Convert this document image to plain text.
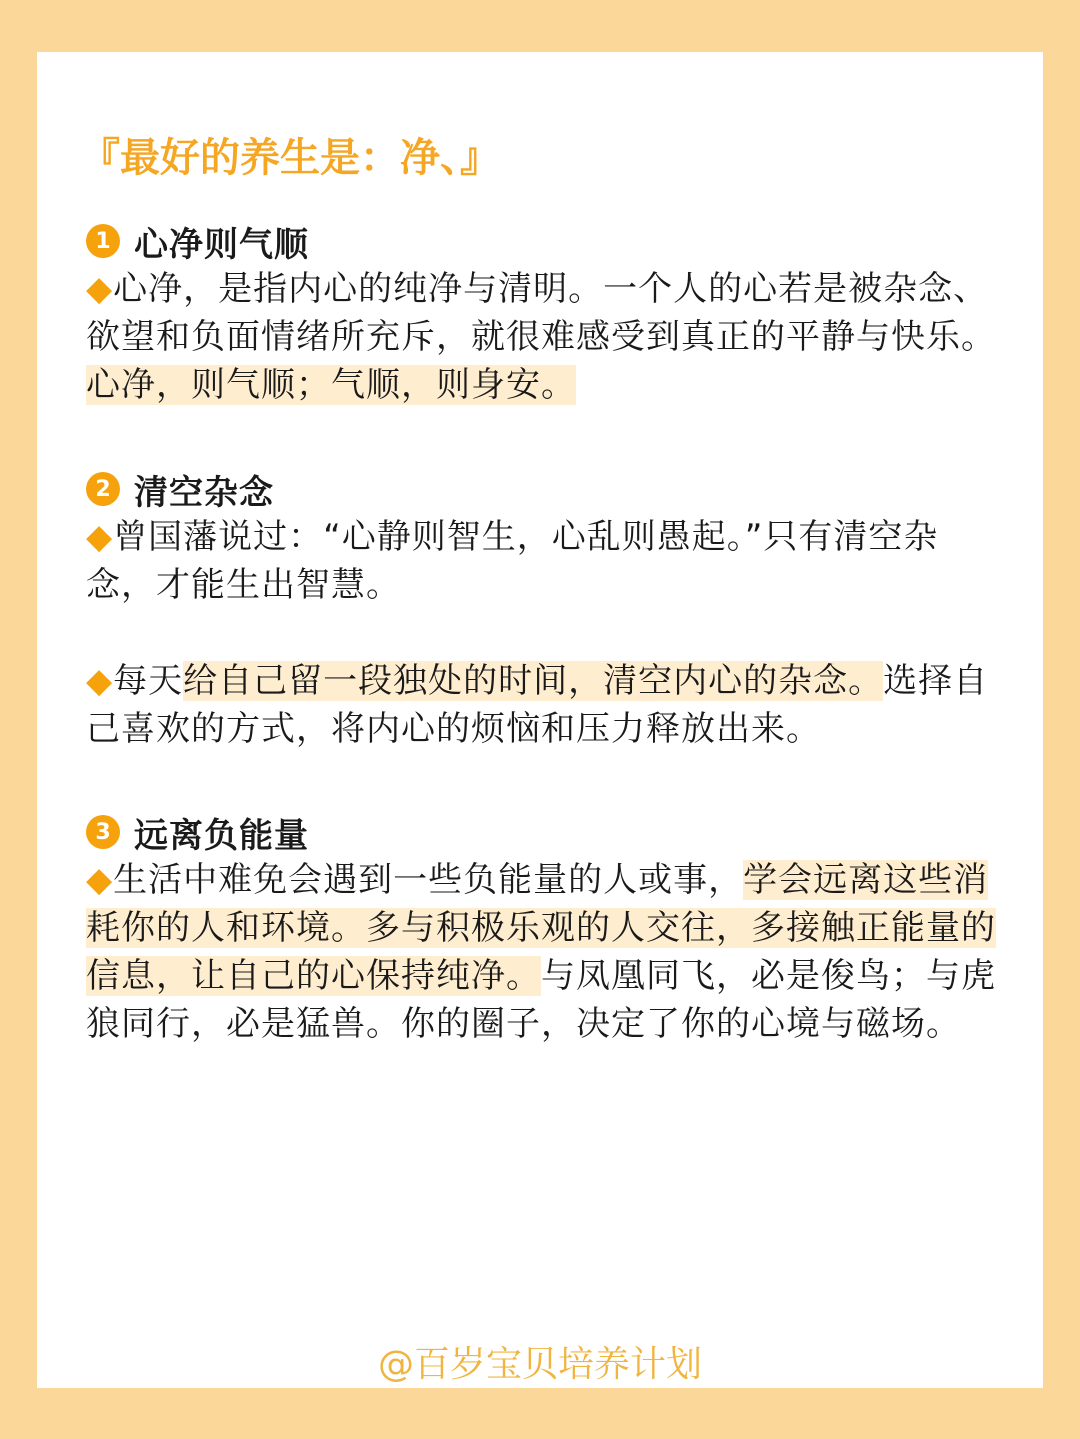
『最好的养生是：净、』
1 心净则气顺

◆心净，是指内心的纯净与清明。一个人的心若是被杂念、欲望和负面情绪所充斥，就很难感受到真正的平静与快乐。心净，则气顺；气顺，则身安。

2 清空杂念

◆曾国藩说过：“心静则智生，心乱则愚起。”只有清空杂念，才能生出智慧。

◆每天给自己留一段独处的时间，清空内心的杂念。选择自己喜欢的方式，将内心的烦恼和压力释放出来。

3 远离负能量

◆生活中难免会遇到一些负能量的人或事，学会远离这些消耗你的人和环境。多与积极乐观的人交往，多接触正能量的信息，让自己的心保持纯净。与凤凰同飞，必是俊鸟；与虎狼同行，必是猛兽。你的圈子，决定了你的心境与磁场。

@百岁宝贝培养计划
